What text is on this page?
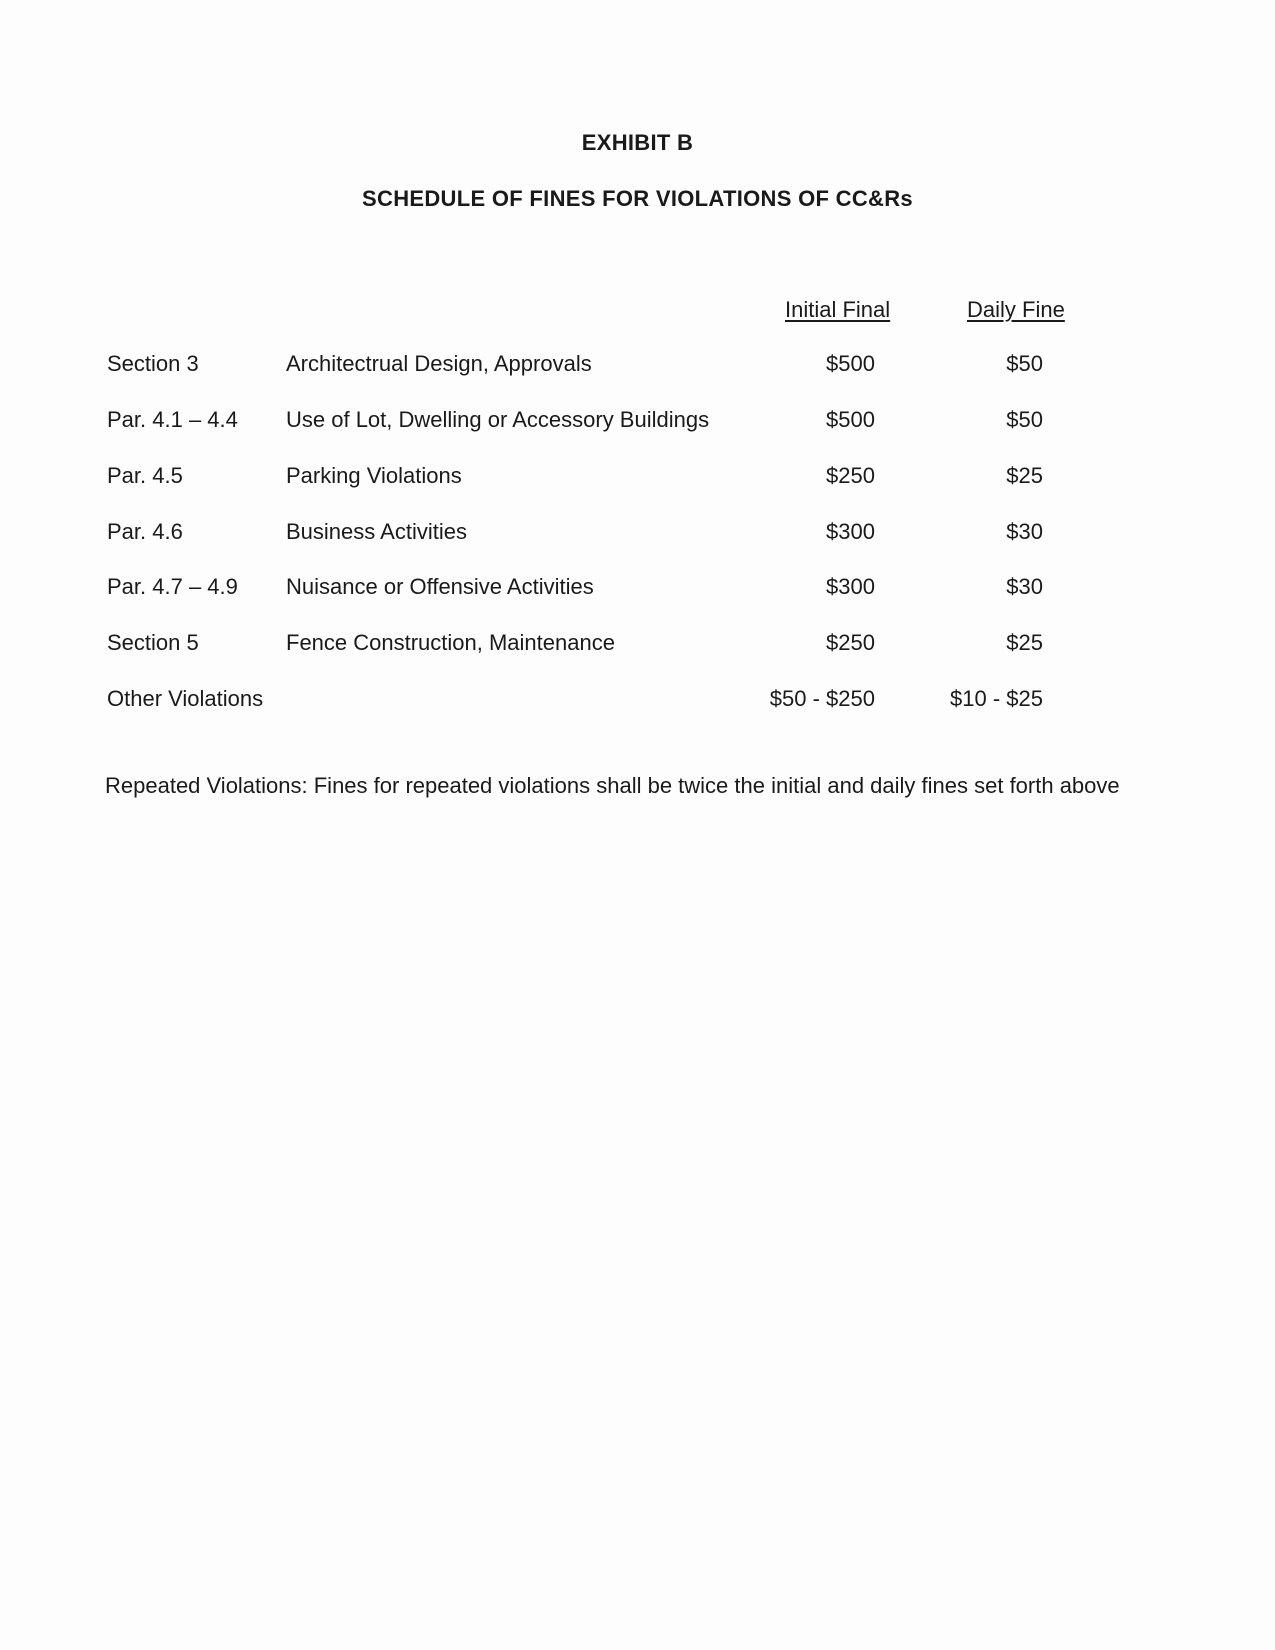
EXHIBIT B
SCHEDULE OF FINES FOR VIOLATIONS OF CC&Rs
Initial Final	Daily Fine
Section 3	Architectrual Design, Approvals	$500	$50
Par. 4.1 – 4.4 Use of Lot, Dwelling or Accessory Buildings	$500	$50
Par. 4.5	Parking Violations	$250	$25
Par. 4.6	Business Activities	$300	$30
Par. 4.7 – 4.9 Nuisance or Offensive Activities	$300	$30
Section 5	Fence Construction, Maintenance	$250	$25
Other Violations	$50 - $250	$10 - $25
Repeated Violations: Fines for repeated violations shall be twice the initial and daily fines set forth above
